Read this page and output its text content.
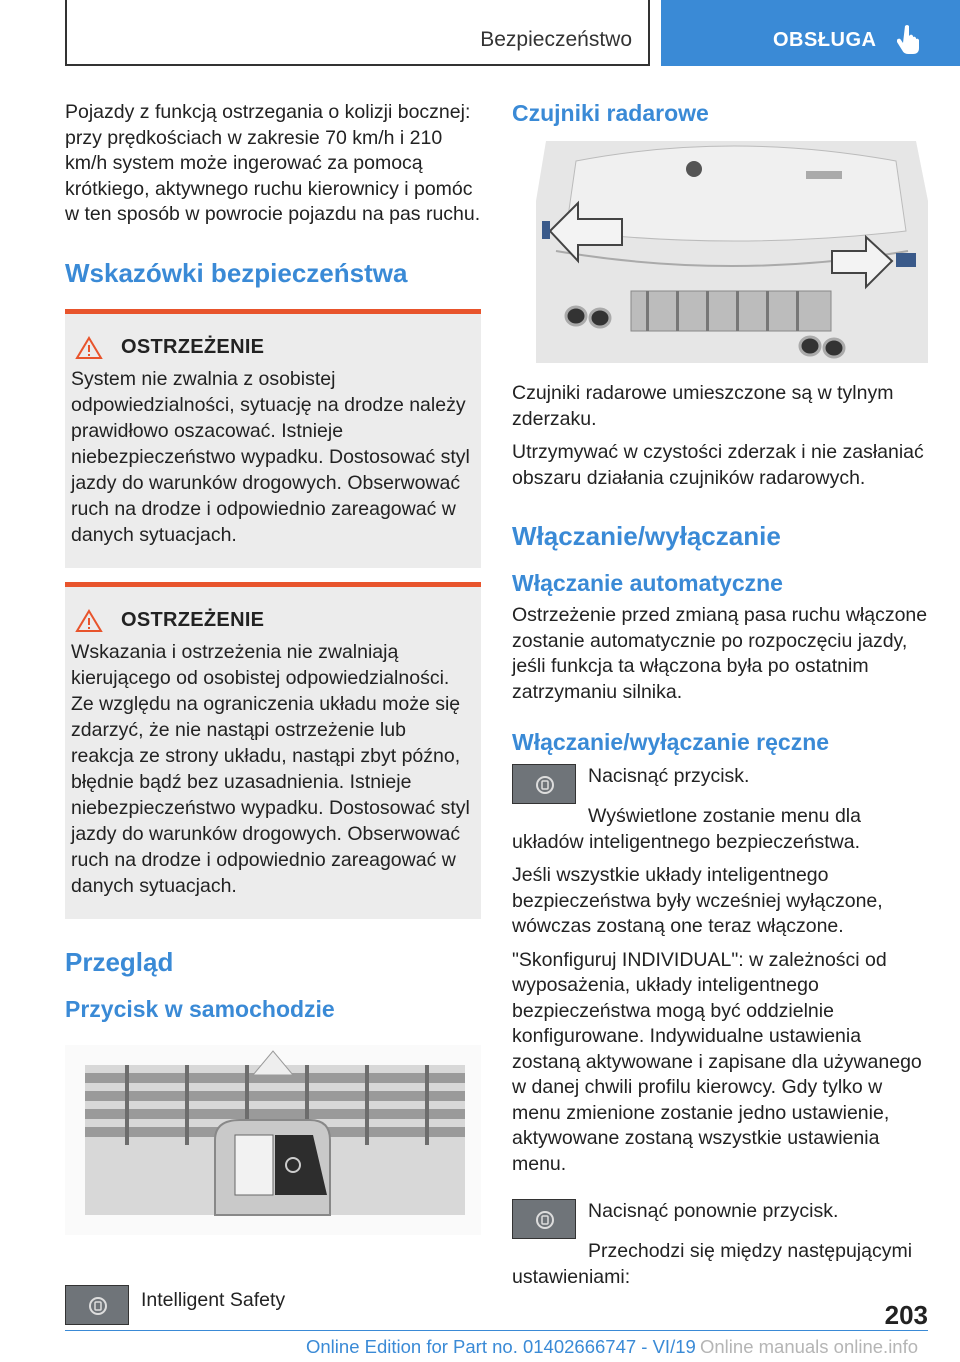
Bezpieczeństwo	OBSŁUGA

Pojazdy z funkcją ostrzegania o kolizji bocznej: przy prędkościach w zakresie 70 km/h i 210 km/h system może ingerować za pomocą krótkiego, aktywnego ruchu kierownicy i pomóc w ten sposób w powrocie pojazdu na pas ruchu.

Wskazówki bezpieczeństwa
OSTRZEŻENIE

System nie zwalnia z osobistej odpowiedzialności, sytuację na drodze należy prawidłowo oszacować. Istnieje niebezpieczeństwo wypadku. Dostosować styl jazdy do warunków drogowych. Obserwować ruch na drodze i odpowiednio zareagować w danych sytuacjach.

OSTRZEŻENIE

Wskazania i ostrzeżenia nie zwalniają kierującego od osobistej odpowiedzialności. Ze względu na ograniczenia układu może się zdarzyć, że nie nastąpi ostrzeżenie lub reakcja ze strony układu, nastąpi zbyt późno, błędnie bądź bez uzasadnienia. Istnieje niebezpieczeństwo wypadku. Dostosować styl jazdy do warunków drogowych. Obserwować ruch na drodze i odpowiednio zareagować w danych sytuacjach.

Przegląd
Przycisk w samochodzie
Intelligent Safety
Czujniki radarowe

Czujniki radarowe umieszczone są w tylnym zderzaku.

Utrzymywać w czystości zderzak i nie zasłaniać obszaru działania czujników radarowych.

Włączanie/wyłączanie
Włączanie automatyczne

Ostrzeżenie przed zmianą pasa ruchu włączone zostanie automatycznie po rozpoczęciu jazdy, jeśli funkcja ta włączona była po ostatnim zatrzymaniu silnika.

Włączanie/wyłączanie ręczne

Nacisnąć przycisk.

Wyświetlone zostanie menu dla układów inteligentnego bezpieczeństwa.

Jeśli wszystkie układy inteligentnego bezpieczeństwa były wcześniej wyłączone, wówczas zostaną one teraz włączone.

"Skonfiguruj INDIVIDUAL": w zależności od wyposażenia, układy inteligentnego bezpieczeństwa mogą być oddzielnie konfigurowane. Indywidualne ustawienia zostaną aktywowane i zapisane dla używanego w danej chwili profilu kierowcy. Gdy tylko w menu zmienione zostanie jedno ustawienie, aktywowane zostaną wszystkie ustawienia menu.

Nacisnąć ponownie przycisk.

Przechodzi się między następującymi ustawieniami:

203
Online Edition for Part no. 01402666747 - VI/19 Online manuals online.info
